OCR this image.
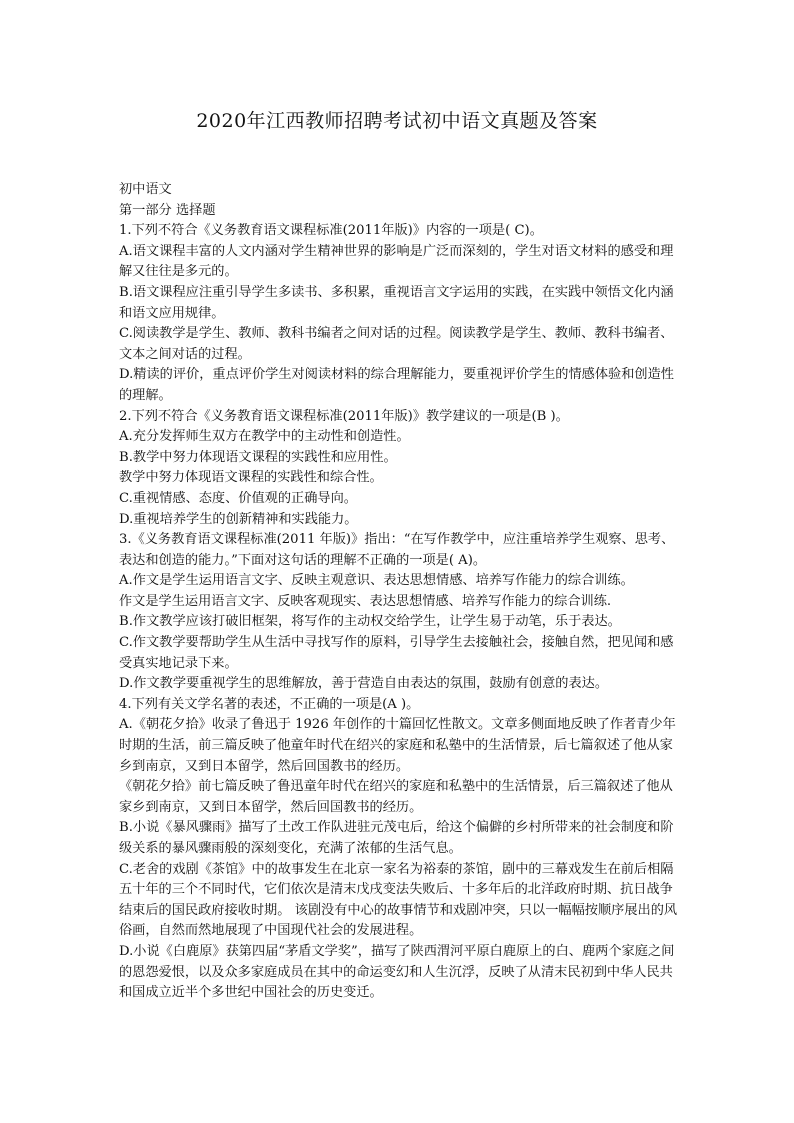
2020年江西教师招聘考试初中语文真题及答案

初中语文

第一部分 选择题

1.下列不符合《义务教育语文课程标准(2011年版)》内容的一项是( C)。

A.语文课程丰富的人文内涵对学生精神世界的影响是广泛而深刻的，学生对语文材料的感受和理解又往往是多元的。

B.语文课程应注重引导学生多读书、多积累，重视语言文字运用的实践，在实践中领悟文化内涵和语文应用规律。

C.阅读教学是学生、教师、教科书编者之间对话的过程。阅读教学是学生、教师、教科书编者、文本之间对话的过程。

D.精读的评价，重点评价学生对阅读材料的综合理解能力，要重视评价学生的情感体验和创造性的理解。

2.下列不符合《义务教育语文课程标准(2011年版)》教学建议的一项是(B )。

A.充分发挥师生双方在教学中的主动性和创造性。

B.教学中努力体现语文课程的实践性和应用性。

教学中努力体现语文课程的实践性和综合性。

C.重视情感、态度、价值观的正确导向。

D.重视培养学生的创新精神和实践能力。

3.《义务教育语文课程标准(2011 年版)》指出：“在写作教学中，应注重培养学生观察、思考、表达和创造的能力。”下面对这句话的理解不正确的一项是( A)。

A.作文是学生运用语言文字、反映主观意识、表达思想情感、培养写作能力的综合训练。

作文是学生运用语言文字、反映客观现实、表达思想情感、培养写作能力的综合训练.

B.作文教学应该打破旧框架，将写作的主动权交给学生，让学生易于动笔，乐于表达。

C.作文教学要帮助学生从生活中寻找写作的原料，引导学生去接触社会，接触自然，把见闻和感受真实地记录下来。

D.作文教学要重视学生的思维解放，善于营造自由表达的氛围，鼓励有创意的表达。

4.下列有关文学名著的表述，不正确的一项是(A )。

A.《朝花夕拾》收录了鲁迅于 1926 年创作的十篇回忆性散文。文章多侧面地反映了作者青少年时期的生活，前三篇反映了他童年时代在绍兴的家庭和私塾中的生活情景，后七篇叙述了他从家乡到南京，又到日本留学，然后回国教书的经历。

《朝花夕拾》前七篇反映了鲁迅童年时代在绍兴的家庭和私塾中的生活情景，后三篇叙述了他从家乡到南京，又到日本留学，然后回国教书的经历。

B.小说《暴风骤雨》描写了土改工作队进驻元茂屯后，给这个偏僻的乡村所带来的社会制度和阶级关系的暴风骤雨般的深刻变化，充满了浓郁的生活气息。

C.老舍的戏剧《茶馆》中的故事发生在北京一家名为裕泰的茶馆，剧中的三幕戏发生在前后相隔五十年的三个不同时代，它们依次是清末戊戌变法失败后、十多年后的北洋政府时期、抗日战争结束后的国民政府接收时期。 该剧没有中心的故事情节和戏剧冲突，只以一幅幅按顺序展出的风俗画，自然而然地展现了中国现代社会的发展进程。

D.小说《白鹿原》获第四届“茅盾文学奖”，描写了陕西渭河平原白鹿原上的白、鹿两个家庭之间的恩怨爱恨，以及众多家庭成员在其中的命运变幻和人生沉浮，反映了从清末民初到中华人民共和国成立近半个多世纪中国社会的历史变迁。
